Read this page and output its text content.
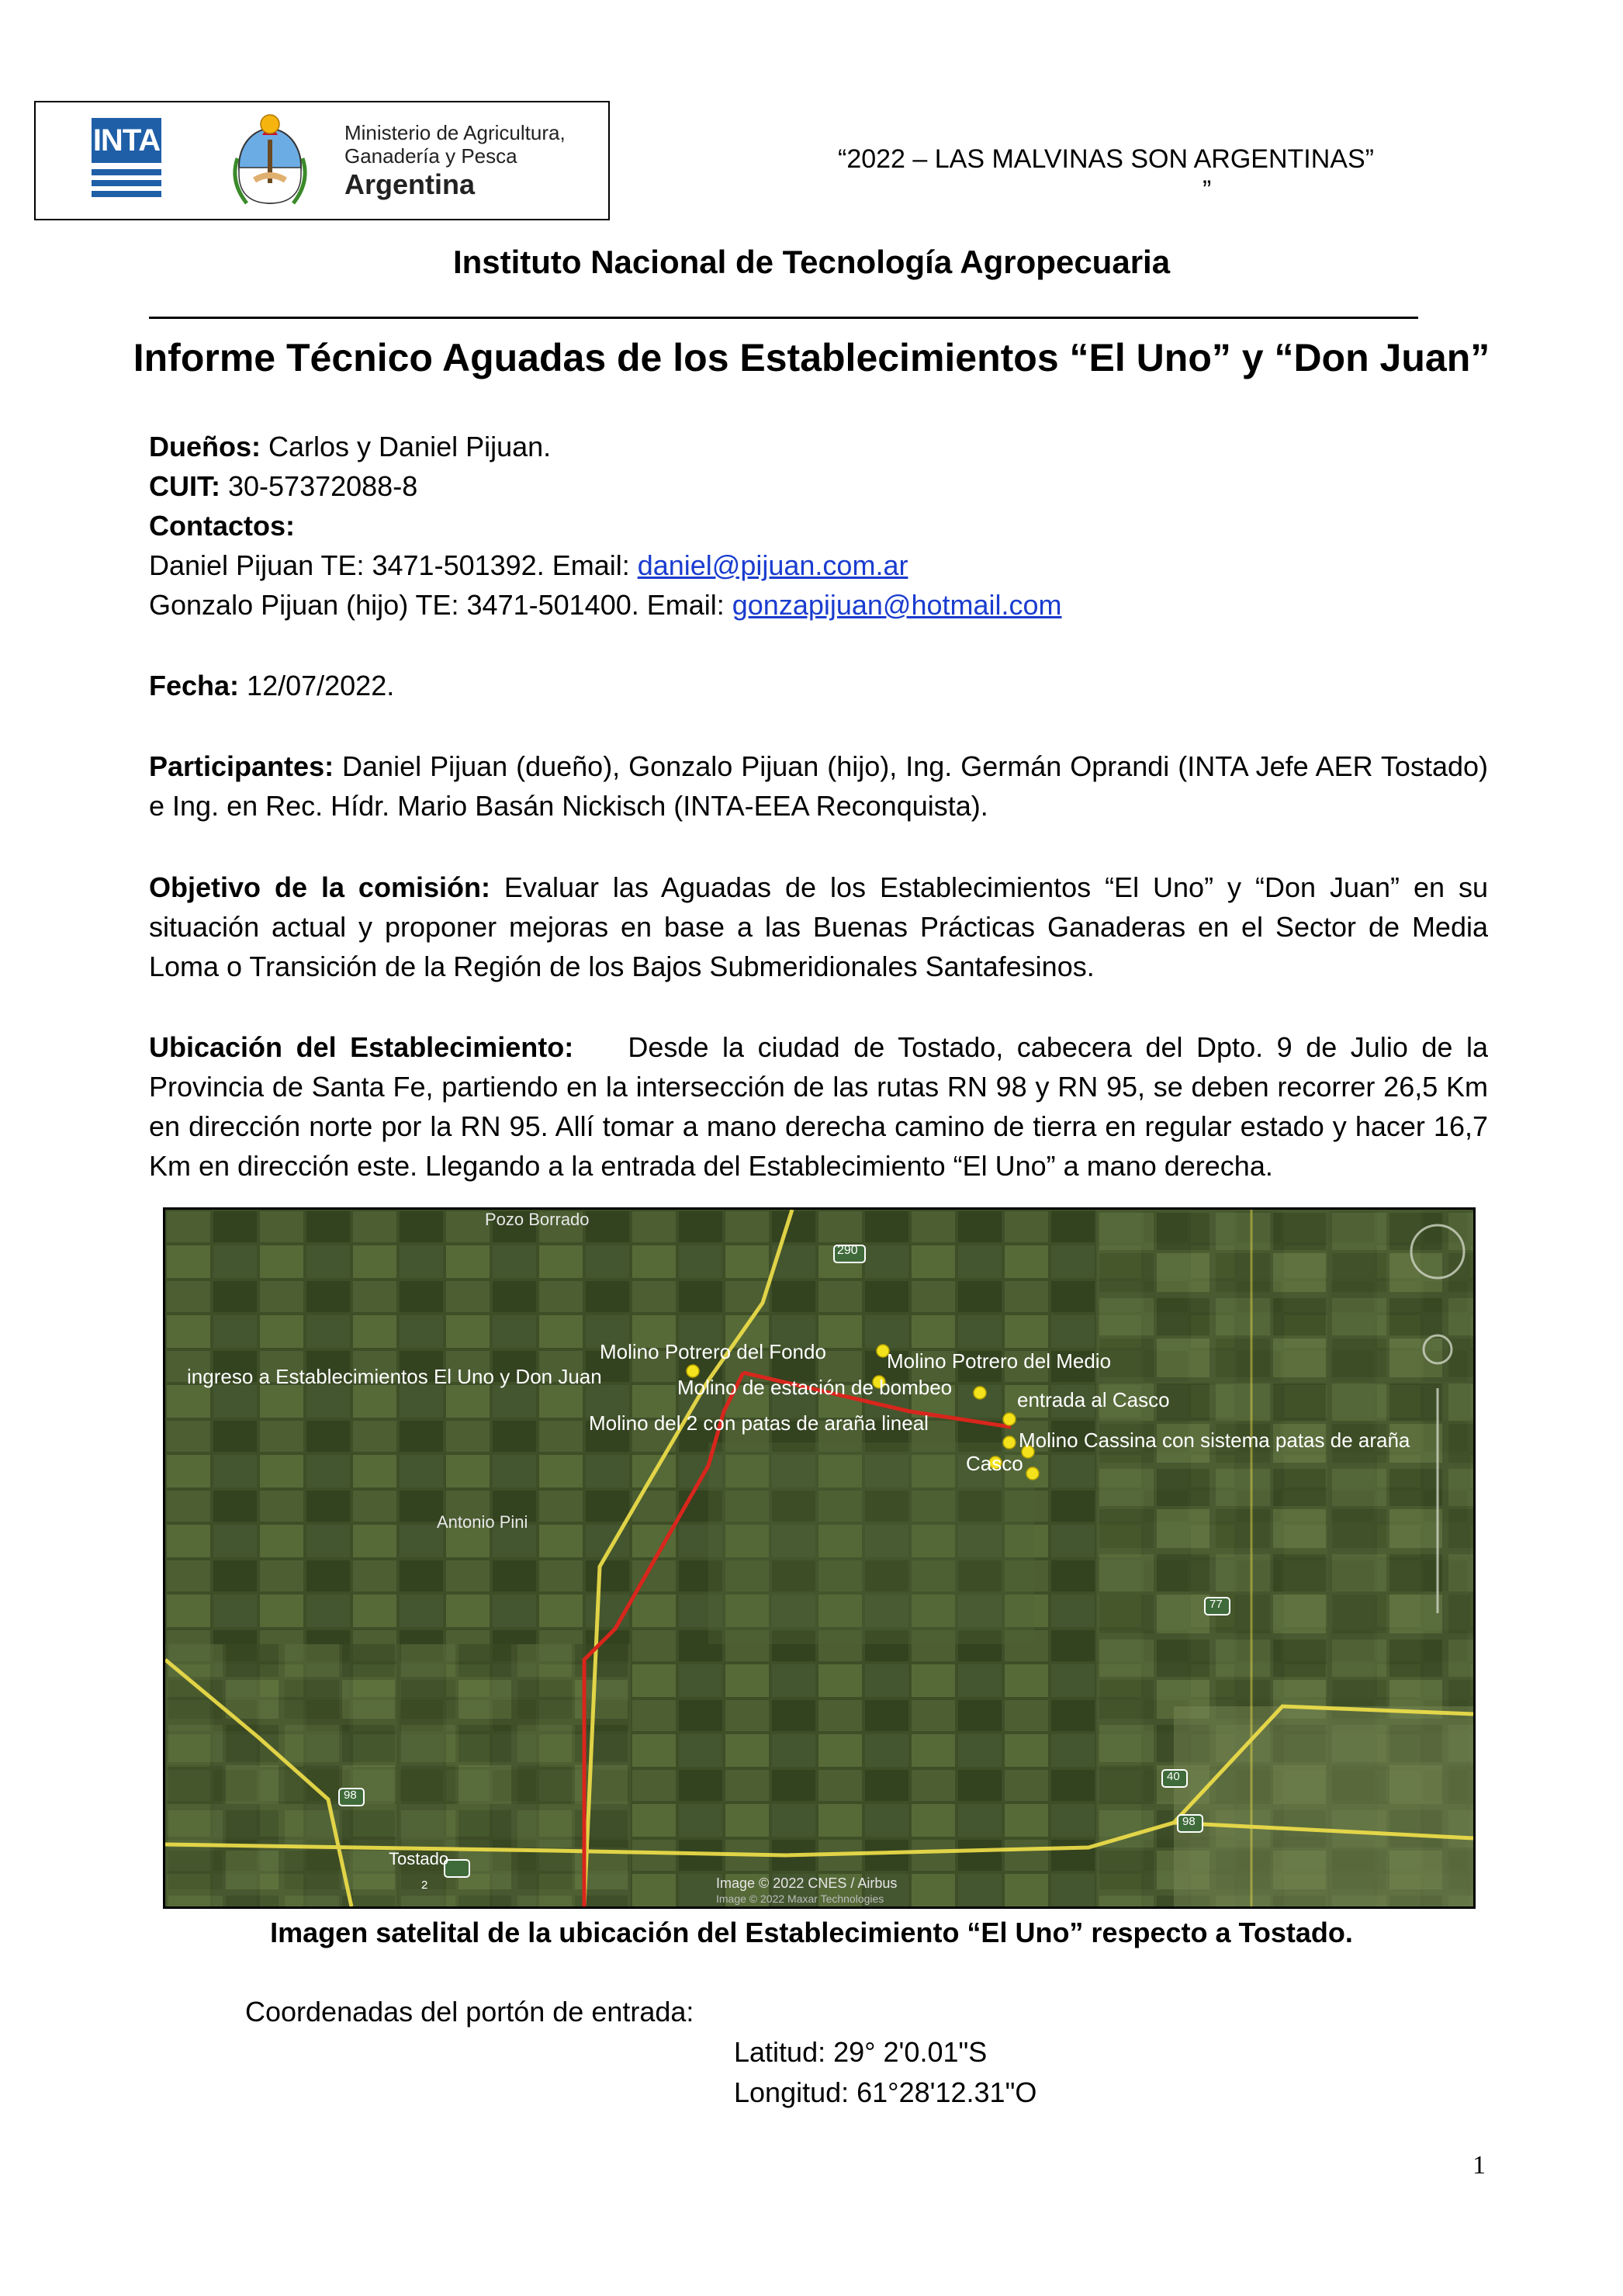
INTA	Ministerio de Agricultura,
Ganadería y Pesca
Argentina
“2022 – LAS MALVINAS SON ARGENTINAS”
”
Instituto Nacional de Tecnología Agropecuaria
Informe Técnico Aguadas de los Establecimientos “El Uno” y “Don Juan”
Dueños: Carlos y Daniel Pijuan.
CUIT: 30-57372088-8
Contactos:
Daniel Pijuan TE: 3471-501392. Email: daniel@pijuan.com.ar
Gonzalo Pijuan (hijo) TE: 3471-501400. Email: gonzapijuan@hotmail.com
Fecha: 12/07/2022.
Participantes: Daniel Pijuan (dueño), Gonzalo Pijuan (hijo), Ing. Germán Oprandi (INTA Jefe AER Tostado) e Ing. en Rec. Hídr. Mario Basán Nickisch (INTA-EEA Reconquista).
Objetivo de la comisión: Evaluar las Aguadas de los Establecimientos “El Uno” y “Don Juan” en su situación actual y proponer mejoras en base a las Buenas Prácticas Ganaderas en el Sector de Media Loma o Transición de la Región de los Bajos Submeridionales Santafesinos.
Ubicación del Establecimiento:    Desde la ciudad de Tostado, cabecera del Dpto. 9 de Julio de la Provincia de Santa Fe, partiendo en la intersección de las rutas RN 98 y RN 95, se deben recorrer 26,5 Km en dirección norte por la RN 95. Allí tomar a mano derecha camino de tierra en regular estado y hacer 16,7 Km en dirección este. Llegando a la entrada del Establecimiento “El Uno” a mano derecha.
Pozo Borrado
290
Molino Potrero del Fondo
ingreso a Establecimientos El Uno y Don Juan	Molino de estación de bombeo
Molino Potrero del Medio
entrada al Casco
Molino del 2 con patas de araña lineal
Molino Cassina con sistema patas de araña
Casco
Antonio Pini
77
40
98
98
Tostado
2	Image © 2022 CNES / Airbus
Image © 2022 Maxar Technologies
Imagen satelital de la ubicación del Establecimiento “El Uno” respecto a Tostado.
Coordenadas del portón de entrada:
Latitud: 29° 2'0.01"S
Longitud: 61°28'12.31"O
1
